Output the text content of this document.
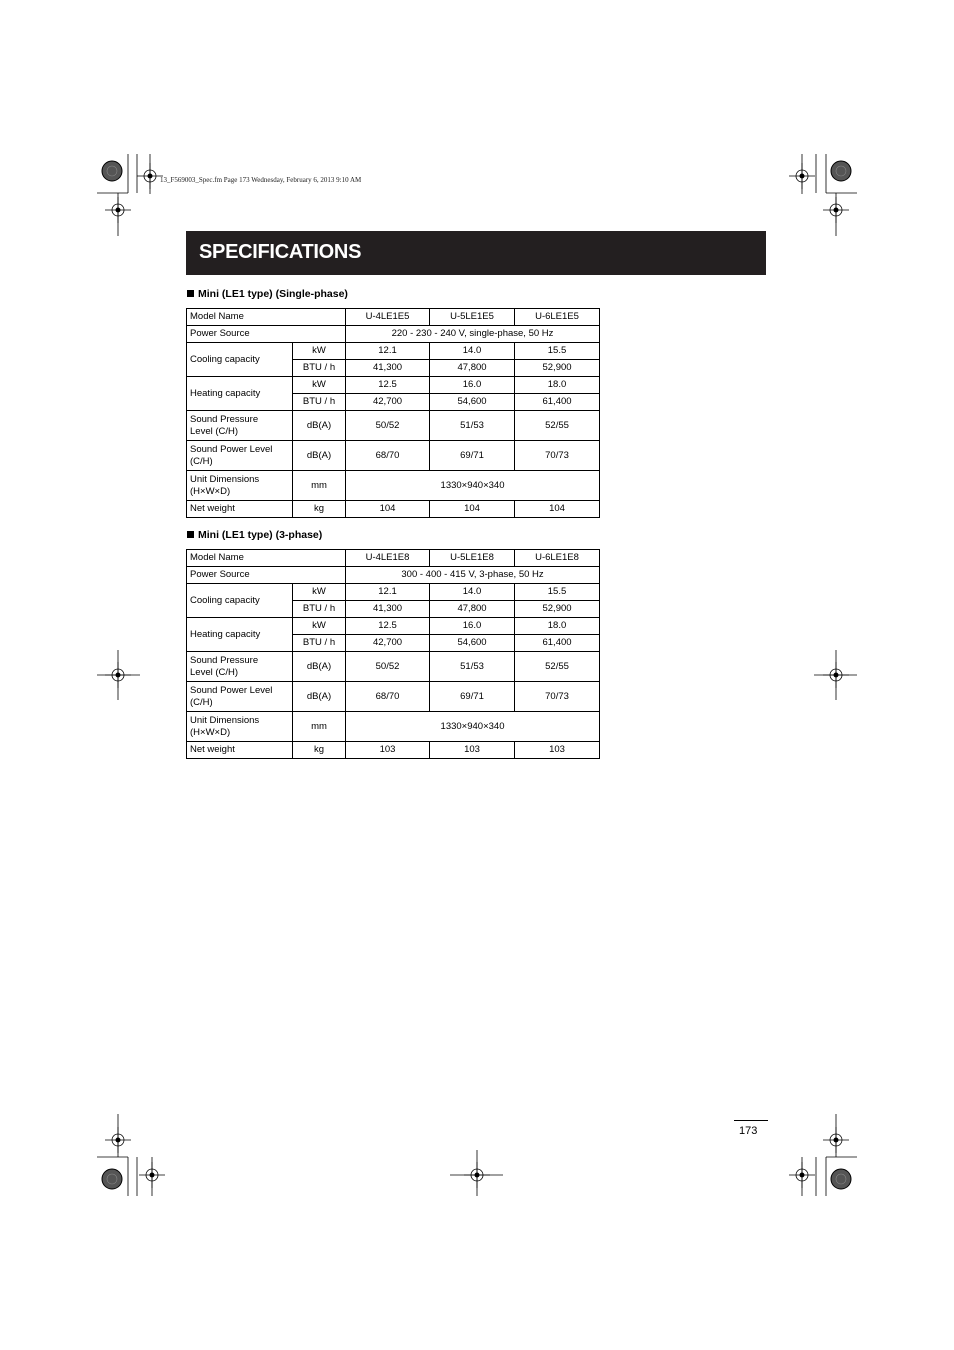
13_F569003_Spec.fm Page 173 Wednesday, February 6, 2013 9:10 AM
SPECIFICATIONS
Mini (LE1 type) (Single-phase)
Model Name		U-4LE1E5	U-5LE1E5	U-6LE1E5
Power Source		220 - 230 - 240 V, single-phase, 50 Hz		
Cooling capacity	kW	12.1	14.0	15.5
	BTU / h	41,300	47,800	52,900
Heating capacity	kW	12.5	16.0	18.0
	BTU / h	42,700	54,600	61,400
Sound Pressure
Level (C/H)	dB(A)	50/52	51/53	52/55
Sound Power Level
(C/H)	dB(A)	68/70	69/71	70/73
Unit Dimensions
(H×W×D)	mm	1330×940×340		
Net weight	kg	104	104	104
Mini (LE1 type) (3-phase)
Model Name		U-4LE1E8	U-5LE1E8	U-6LE1E8
Power Source		300 - 400 - 415 V, 3-phase, 50 Hz		
Cooling capacity	kW	12.1	14.0	15.5
	BTU / h	41,300	47,800	52,900
Heating capacity	kW	12.5	16.0	18.0
	BTU / h	42,700	54,600	61,400
Sound Pressure
Level (C/H)	dB(A)	50/52	51/53	52/55
Sound Power Level
(C/H)	dB(A)	68/70	69/71	70/73
Unit Dimensions
(H×W×D)	mm	1330×940×340		
Net weight	kg	103	103	103
173
